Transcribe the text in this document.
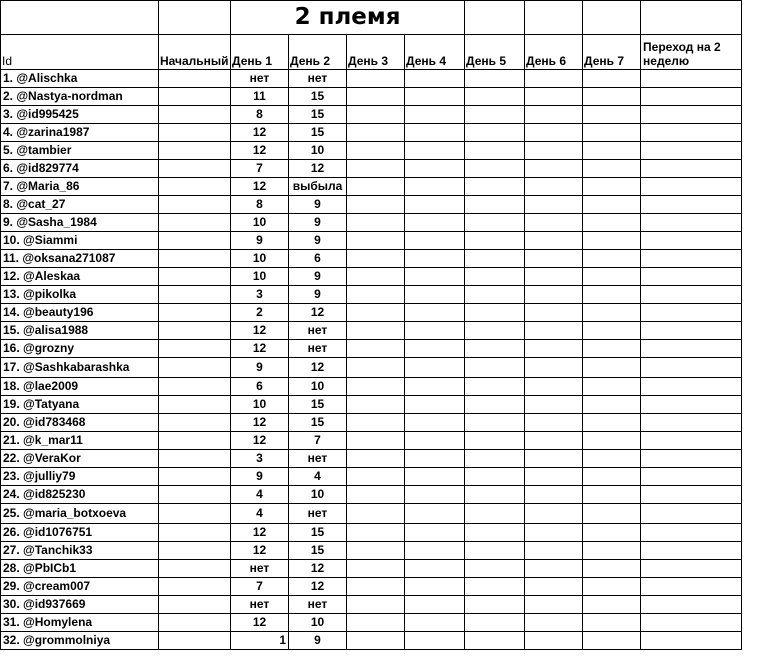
		2 племя							
Id	Начальный	День 1	День 2	День 3	День 4	День 5	День 6	День 7	Переход на 2 неделю
1. @Alischka		нет	нет						
2. @Nastya-nordman		11	15						
3. @id995425		8	15						
4. @zarina1987		12	15						
5. @tambier		12	10						
6. @id829774		7	12						
7. @Maria_86		12	выбыла						
8. @cat_27		8	9						
9. @Sasha_1984		10	9						
10. @Siammi		9	9						
11. @oksana271087		10	6						
12. @Aleskaa		10	9						
13. @pikolka		3	9						
14. @beauty196		2	12						
15. @alisa1988		12	нет						
16. @grozny		12	нет						
17. @Sashkabarashka		9	12						
18. @lae2009		6	10						
19. @Tatyana		10	15						
20. @id783468		12	15						
21. @k_mar11		12	7						
22. @VeraKor		3	нет						
23. @julliy79		9	4						
24. @id825230		4	10						
25. @maria_botxoeva		4	нет						
26. @id1076751		12	15						
27. @Tanchik33		12	15						
28. @PbICb1		нет	12						
29. @cream007		7	12						
30. @id937669		нет	нет						
31. @Homylena		12	10						
32. @grommolniya		1	9						
